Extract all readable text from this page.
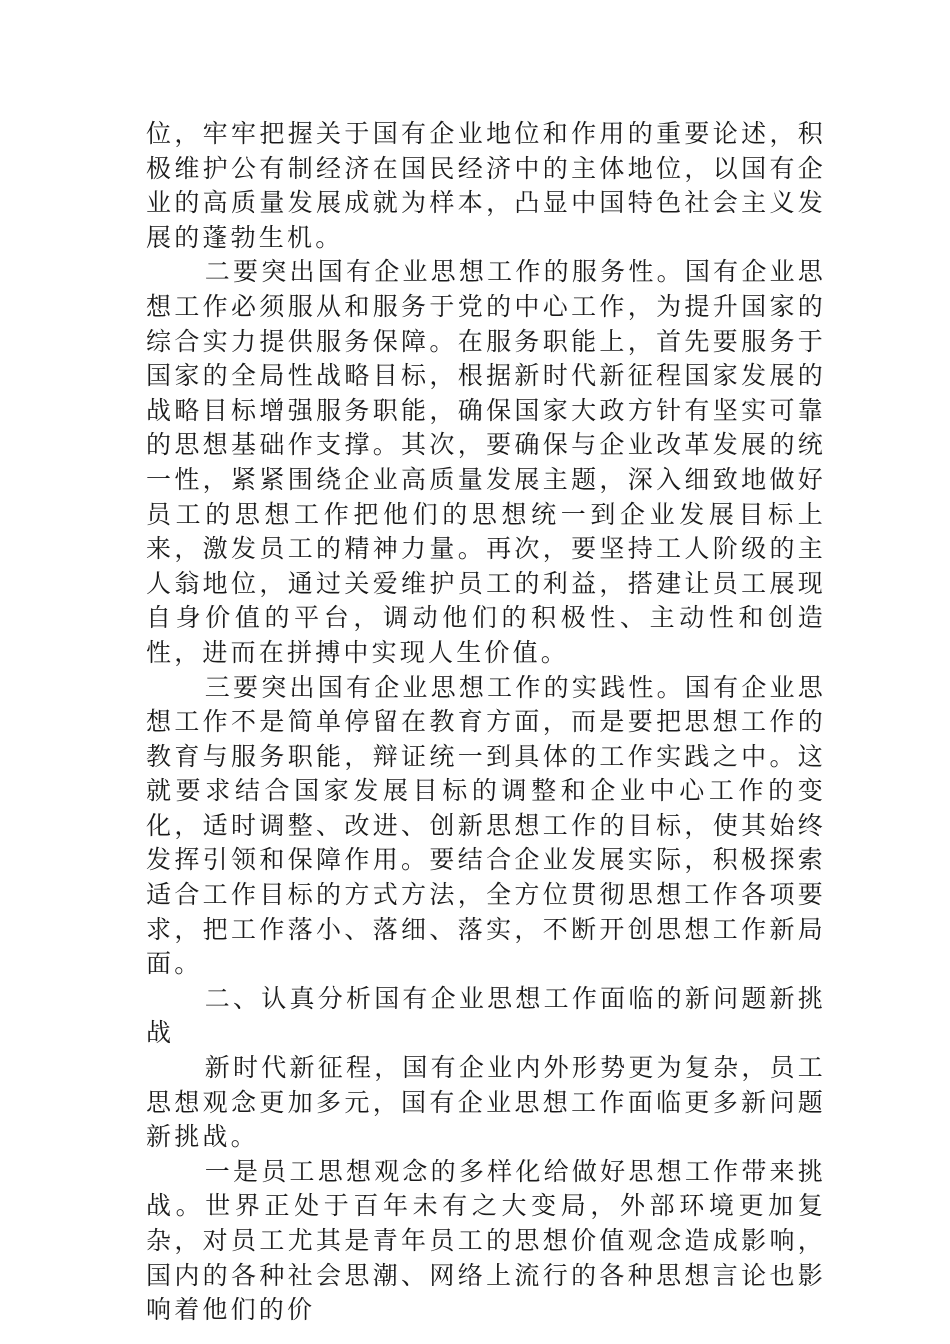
位，牢牢把握关于国有企业地位和作用的重要论述，积极维护公有制经济在国民经济中的主体地位，以国有企业的高质量发展成就为样本，凸显中国特色社会主义发展的蓬勃生机。

二要突出国有企业思想工作的服务性。国有企业思想工作必须服从和服务于党的中心工作，为提升国家的综合实力提供服务保障。在服务职能上，首先要服务于国家的全局性战略目标，根据新时代新征程国家发展的战略目标增强服务职能，确保国家大政方针有坚实可靠的思想基础作支撑。其次，要确保与企业改革发展的统一性，紧紧围绕企业高质量发展主题，深入细致地做好员工的思想工作把他们的思想统一到企业发展目标上来，激发员工的精神力量。再次，要坚持工人阶级的主人翁地位，通过关爱维护员工的利益，搭建让员工展现自身价值的平台，调动他们的积极性、主动性和创造性，进而在拼搏中实现人生价值。

三要突出国有企业思想工作的实践性。国有企业思想工作不是简单停留在教育方面，而是要把思想工作的教育与服务职能，辩证统一到具体的工作实践之中。这就要求结合国家发展目标的调整和企业中心工作的变化，适时调整、改进、创新思想工作的目标，使其始终发挥引领和保障作用。要结合企业发展实际，积极探索适合工作目标的方式方法，全方位贯彻思想工作各项要求，把工作落小、落细、落实，不断开创思想工作新局面。

二、认真分析国有企业思想工作面临的新问题新挑战

新时代新征程，国有企业内外形势更为复杂，员工思想观念更加多元，国有企业思想工作面临更多新问题新挑战。

一是员工思想观念的多样化给做好思想工作带来挑战。世界正处于百年未有之大变局，外部环境更加复杂，对员工尤其是青年员工的思想价值观念造成影响，国内的各种社会思潮、网络上流行的各种思想言论也影响着他们的价
